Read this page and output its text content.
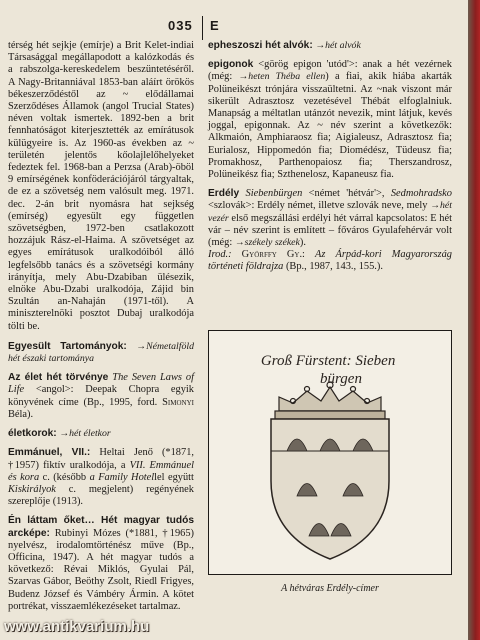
035 E

térség hét sejkje (emírje) a Brit Kelet-indiai Társasággal megállapodott a kalózkodás és a rabszolga-kereskedelem beszüntetéséről. A Nagy-Britanniával 1853-ban aláírt örökös békeszerződéstől az ~ elődállamai Szerződéses Államok (angol Trucial States) néven voltak ismertek. 1892-ben a brit fennhatóságot kiterjesztették az emírátusok külügyeire is. Az 1960-as években az ~ területén jelentős kőolajlelőhelyeket fedeztek fel. 1968-ban a Perzsa (Arab)-öböl 9 emírségének konföderációjáról tárgyaltak, de ez a szövetség nem valósult meg. 1971. dec. 2-án brit nyomásra hat sejkség (emírség) egyesült egy független szövetségben, 1972-ben csatlakozott hozzájuk Rász-el-Haima. A szövetséget az egyes emírátusok uralkodóiból álló legfelsőbb tanács és a szövetségi kormány irányítja, mely Abu-Dzabiban ülésezik, elnöke Abu-Dzabi uralkodója, Zájid bin Szultán an-Nahaján (1971-től). A miniszterelnöki posztot Dubaj uralkodója tölti be.

Egyesült Tartományok: →Németalföld hét északi tartománya

Az élet hét törvénye The Seven Laws of Life <angol>: Deepak Chopra egyik könyvének címe (Bp., 1995, ford. Simonyi Béla).

életkorok: →hét életkor

Emmánuel, VII.: Heltai Jenő (*1871, †1957) fiktív uralkodója, a VII. Emmánuel és kora c. (később a Family Hotellel együtt Kiskirályok c. megjelent) regényének szereplője (1913).

Én láttam őket… Hét magyar tudós arcképe: Rubinyi Mózes (*1881, †1965) nyelvész, irodalomtörténész műve (Bp., Officina, 1947). A hét magyar tudós a következő: Révai Miklós, Gyulai Pál, Szarvas Gábor, Beöthy Zsolt, Riedl Frigyes, Budenz József és Vámbéry Ármin. A kötet portrékat, visszaemlékezéseket tartalmaz.

epheszoszi hét alvók: →hét alvók

epigonok <görög epigon 'utód'>: anak a hét vezérnek (még: →heten Théba ellen) a fiai, akik hiába akarták Polüneikészt trónjára visszaültetni. Az ~nak viszont már sikerült Adrasztosz vezetésével Thébát elfoglalniuk. Manapság a méltatlan utánzót nevezik, mint látjuk, kevés joggal, epigonnak. Az ~ név szerint a következők: Alkmaión, Amphiaraosz fia; Aigialeusz, Adrasztosz fia; Eurialosz, Hippomedón fia; Diomédész, Tüdeusz fia; Promakhosz, Parthenopaiosz fia; Therszandrosz, Polüneikész fia; Szthenelosz, Kapaneusz fia.

Erdély Siebenbürgen <német 'hétvár'>, Sedmohradsko <szlovák>: Erdély német, illetve szlovák neve, mely →hét vezér első megszállási erdélyi hét várral kapcsolatos: E hét vár – név szerint is említett – főváros Gyulafehérvár volt (még: →székely székek).
Irod.: Györffy Gy.: Az Árpád-kori Magyarország történeti földrajza (Bp., 1987, 143., 155.).

Groß Fürstent: Sieben bürgen
A hétváras Erdély-címer
www.antikvarium.hu
